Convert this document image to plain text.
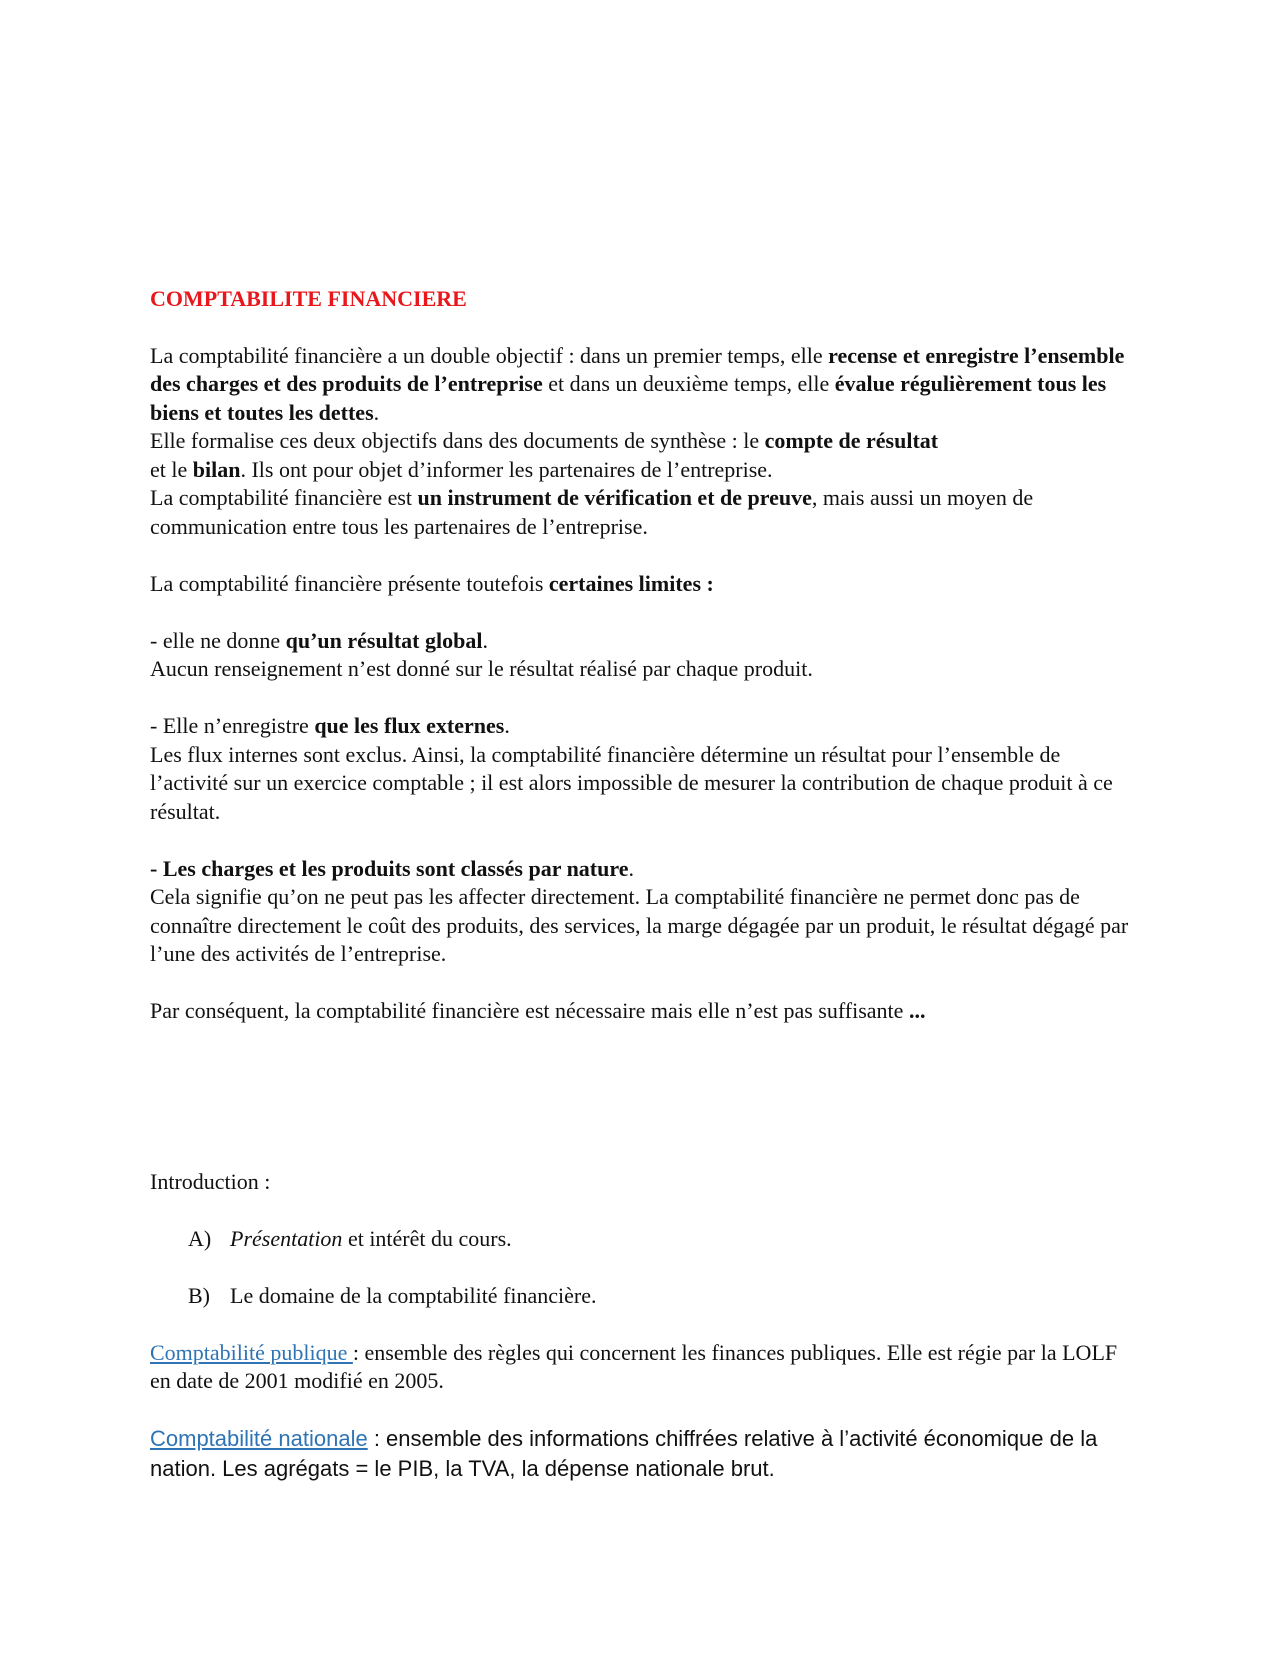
COMPTABILITE FINANCIERE

La comptabilité financière a un double objectif : dans un premier temps, elle recense et enregistre l’ensemble des charges et des produits de l’entreprise et dans un deuxième temps, elle évalue régulièrement tous les biens et toutes les dettes.

Elle formalise ces deux objectifs dans des documents de synthèse : le compte de résultat
et le bilan. Ils ont pour objet d’informer les partenaires de l’entreprise.

La comptabilité financière est un instrument de vérification et de preuve, mais aussi un moyen de communication entre tous les partenaires de l’entreprise.

La comptabilité financière présente toutefois certaines limites :

- elle ne donne qu’un résultat global.
Aucun renseignement n’est donné sur le résultat réalisé par chaque produit.

- Elle n’enregistre que les flux externes.
Les flux internes sont exclus. Ainsi, la comptabilité financière détermine un résultat pour l’ensemble de l’activité sur un exercice comptable ; il est alors impossible de mesurer la contribution de chaque produit à ce résultat.

- Les charges et les produits sont classés par nature.
Cela signifie qu’on ne peut pas les affecter directement. La comptabilité financière ne permet donc pas de connaître directement le coût des produits, des services, la marge dégagée par un produit, le résultat dégagé par l’une des activités de l’entreprise.

Par conséquent, la comptabilité financière est nécessaire mais elle n’est pas suffisante ...

Introduction :

A) Présentation et intérêt du cours.
B) Le domaine de la comptabilité financière.

Comptabilité publique : ensemble des règles qui concernent les finances publiques. Elle est régie par la LOLF en date de 2001 modifié en 2005.

Comptabilité nationale : ensemble des informations chiffrées relative à l’activité économique de la nation. Les agrégats = le PIB, la TVA, la dépense nationale brut.
